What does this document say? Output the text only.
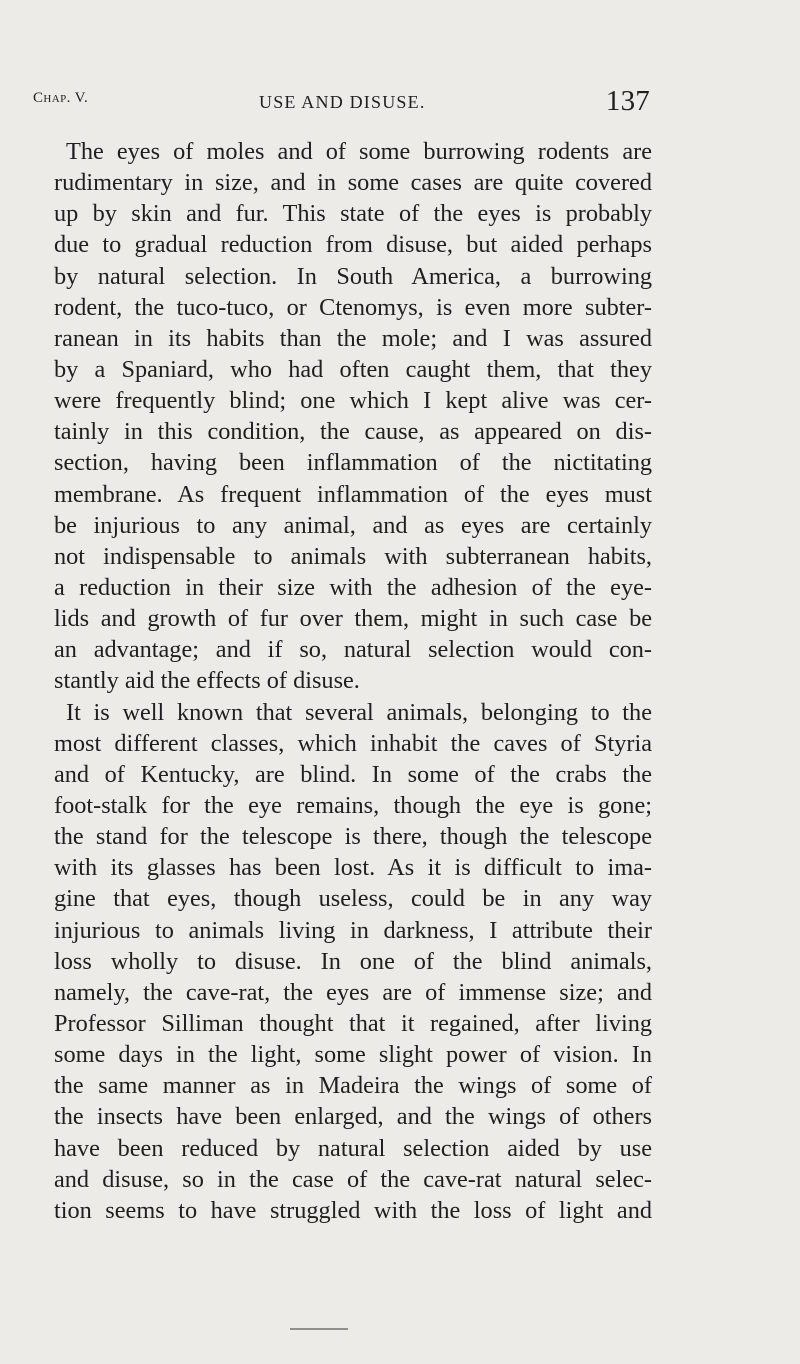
Chap. V.	USE AND DISUSE.	137
The eyes of moles and of some burrowing rodents are
rudimentary in size, and in some cases are quite covered
up by skin and fur. This state of the eyes is probably
due to gradual reduction from disuse, but aided perhaps
by natural selection. In South America, a burrowing
rodent, the tuco-tuco, or Ctenomys, is even more subter-
ranean in its habits than the mole; and I was assured
by a Spaniard, who had often caught them, that they
were frequently blind; one which I kept alive was cer-
tainly in this condition, the cause, as appeared on dis-
section, having been inflammation of the nictitating
membrane. As frequent inflammation of the eyes must
be injurious to any animal, and as eyes are certainly
not indispensable to animals with subterranean habits,
a reduction in their size with the adhesion of the eye-
lids and growth of fur over them, might in such case be
an advantage; and if so, natural selection would con-
stantly aid the effects of disuse.
It is well known that several animals, belonging to the
most different classes, which inhabit the caves of Styria
and of Kentucky, are blind. In some of the crabs the
foot-stalk for the eye remains, though the eye is gone;
the stand for the telescope is there, though the telescope
with its glasses has been lost. As it is difficult to ima-
gine that eyes, though useless, could be in any way
injurious to animals living in darkness, I attribute their
loss wholly to disuse. In one of the blind animals,
namely, the cave-rat, the eyes are of immense size; and
Professor Silliman thought that it regained, after living
some days in the light, some slight power of vision. In
the same manner as in Madeira the wings of some of
the insects have been enlarged, and the wings of others
have been reduced by natural selection aided by use
and disuse, so in the case of the cave-rat natural selec-
tion seems to have struggled with the loss of light and
